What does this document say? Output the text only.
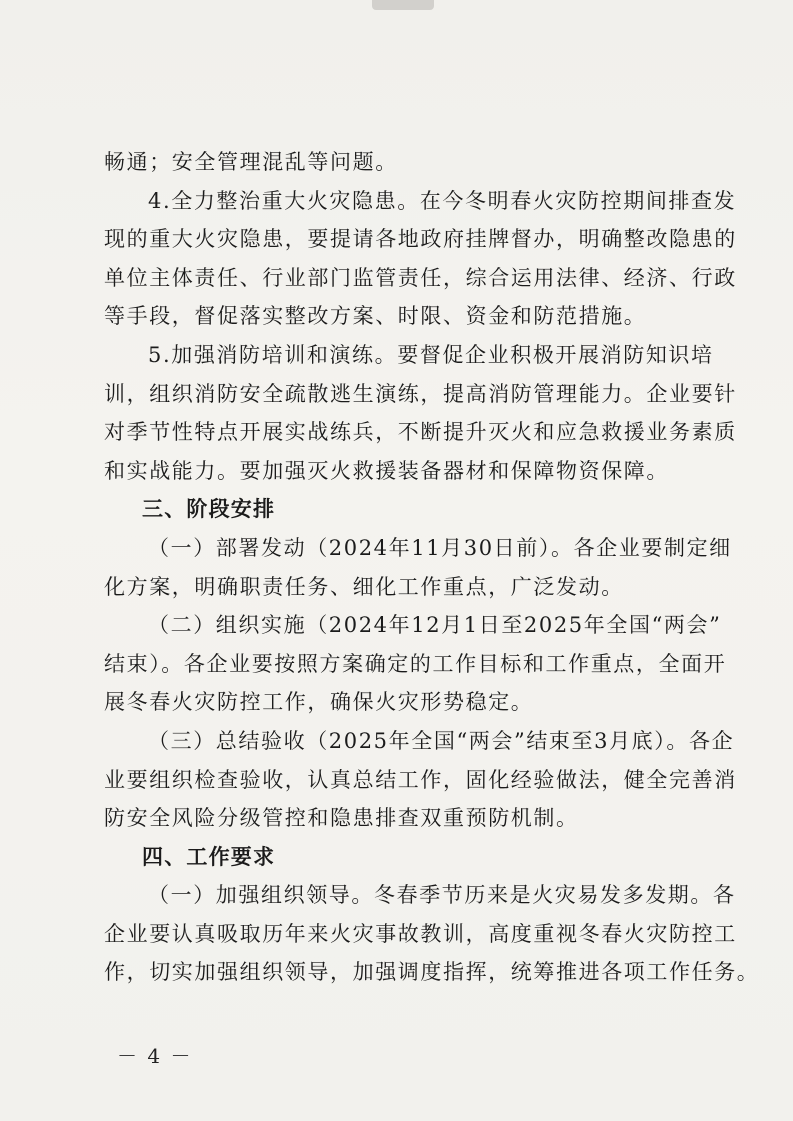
畅通；安全管理混乱等问题。
4.全力整治重大火灾隐患。在今冬明春火灾防控期间排查发
现的重大火灾隐患，要提请各地政府挂牌督办，明确整改隐患的
单位主体责任、行业部门监管责任，综合运用法律、经济、行政
等手段，督促落实整改方案、时限、资金和防范措施。
5.加强消防培训和演练。要督促企业积极开展消防知识培
训，组织消防安全疏散逃生演练，提高消防管理能力。企业要针
对季节性特点开展实战练兵，不断提升灭火和应急救援业务素质
和实战能力。要加强灭火救援装备器材和保障物资保障。
三、阶段安排
（一）部署发动（2024年11月30日前）。各企业要制定细
化方案，明确职责任务、细化工作重点，广泛发动。
（二）组织实施（2024年12月1日至2025年全国“两会”
结束）。各企业要按照方案确定的工作目标和工作重点，全面开
展冬春火灾防控工作，确保火灾形势稳定。
（三）总结验收（2025年全国“两会”结束至3月底）。各企
业要组织检查验收，认真总结工作，固化经验做法，健全完善消
防安全风险分级管控和隐患排查双重预防机制。
四、工作要求
（一）加强组织领导。冬春季节历来是火灾易发多发期。各
企业要认真吸取历年来火灾事故教训，高度重视冬春火灾防控工
作，切实加强组织领导，加强调度指挥，统筹推进各项工作任务。
－ 4 －
